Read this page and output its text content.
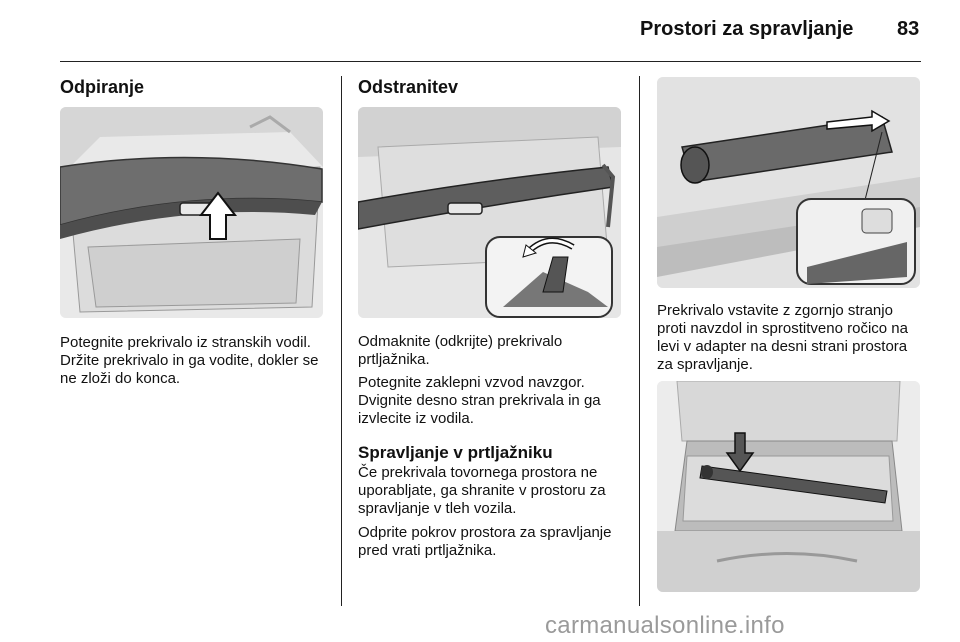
Prostori za spravljanje 83
Odpiranje

Potegnite prekrivalo iz stranskih vodil. Držite prekrivalo in ga vodite, dokler se ne zloži do konca.

Odstranitev

Odmaknite (odkrijte) prekrivalo prtljažnika.

Potegnite zaklepni vzvod navzgor. Dvignite desno stran prekrivala in ga izvlecite iz vodila.

Spravljanje v prtljažniku

Če prekrivala tovornega prostora ne uporabljate, ga shranite v prostoru za spravljanje v tleh vozila.

Odprite pokrov prostora za spravljanje pred vrati prtljažnika.

Prekrivalo vstavite z zgornjo stranjo proti navzdol in sprostitveno ročico na levi v adapter na desni strani prostora za spravljanje.

carmanualsonline.info
